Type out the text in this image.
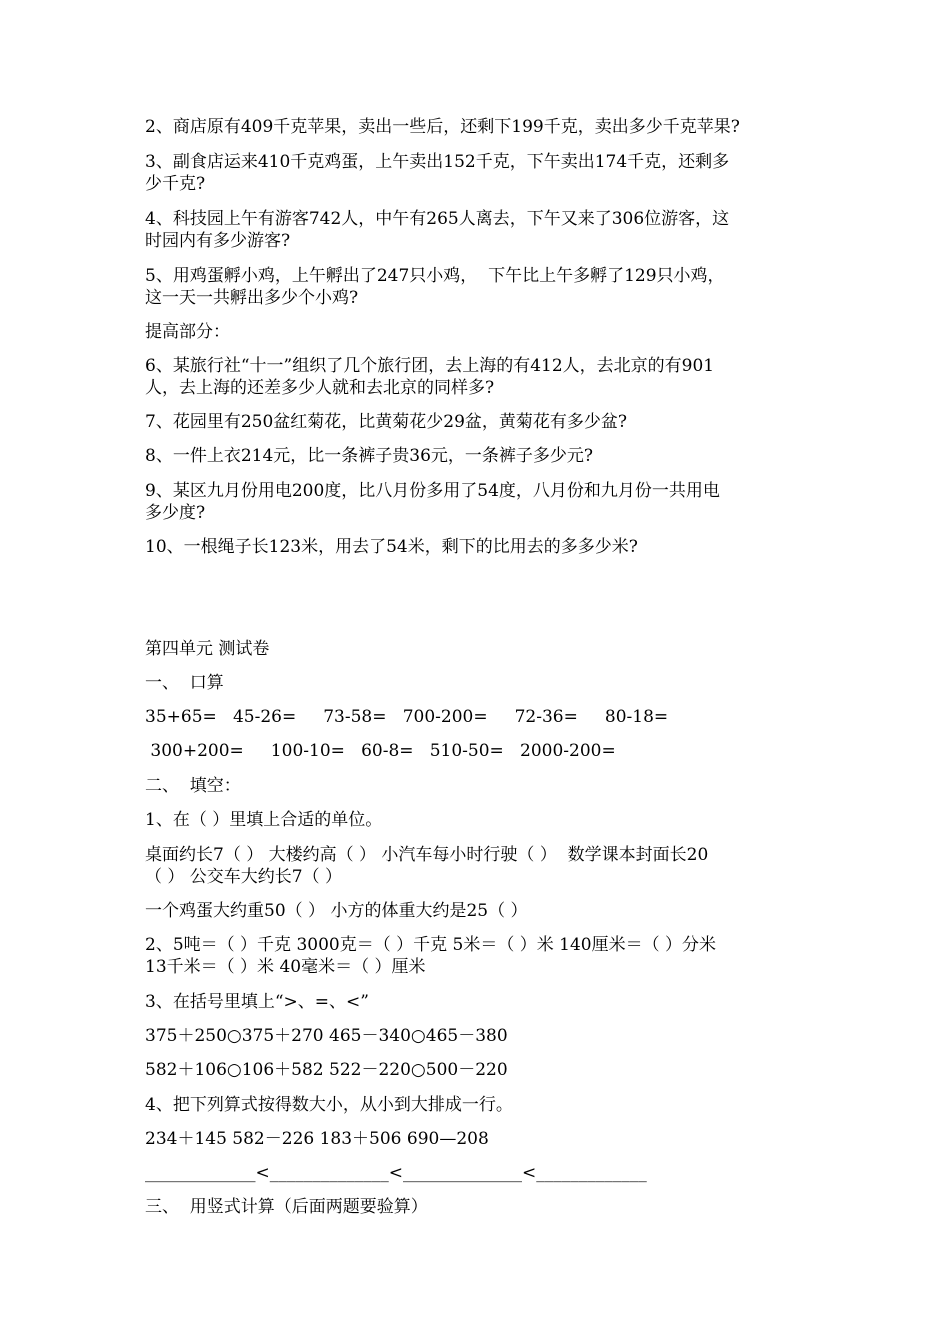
2、商店原有409千克苹果，卖出一些后，还剩下199千克，卖出多少千克苹果?
3、副食店运来410千克鸡蛋，上午卖出152千克，下午卖出174千克，还剩多
少千克?
4、科技园上午有游客742人，中午有265人离去，下午又来了306位游客，这
时园内有多少游客?
5、用鸡蛋孵小鸡，上午孵出了247只小鸡，  下午比上午多孵了129只小鸡，
这一天一共孵出多少个小鸡?
提高部分：
6、某旅行社“十一”组织了几个旅行团，去上海的有412人，去北京的有901
人，去上海的还差多少人就和去北京的同样多?
7、花园里有250盆红菊花，比黄菊花少29盆，黄菊花有多少盆?
8、一件上衣214元，比一条裤子贵36元，一条裤子多少元?
9、某区九月份用电200度，比八月份多用了54度，八月份和九月份一共用电
多少度?
10、一根绳子长123米，用去了54米，剩下的比用去的多多少米?
第四单元 测试卷
一、  口算
35+65=   45-26=     73-58=   700-200=     72-36=     80-18=
300+200=     100-10=   60-8=   510-50=   2000-200=
二、  填空：
1、在（ ）里填上合适的单位。
桌面约长7（ ） 大楼约高（ ） 小汽车每小时行驶（ ）  数学课本封面长20
（ ） 公交车大约长7（ ）
一个鸡蛋大约重50（ ） 小方的体重大约是25（ ）
2、5吨＝（ ）千克 3000克＝（ ）千克 5米＝（ ）米 140厘米＝（ ）分米
13千米＝（ ）米 40毫米＝（ ）厘米
3、在括号里填上“>、=、<”
375＋250○375＋270 465－340○465－380
582＋106○106＋582 522－220○500－220
4、把下列算式按得数大小，从小到大排成一行。
234＋145 582－226 183＋506 690—208
_____________<______________<______________<_____________
三、  用竖式计算（后面两题要验算）
